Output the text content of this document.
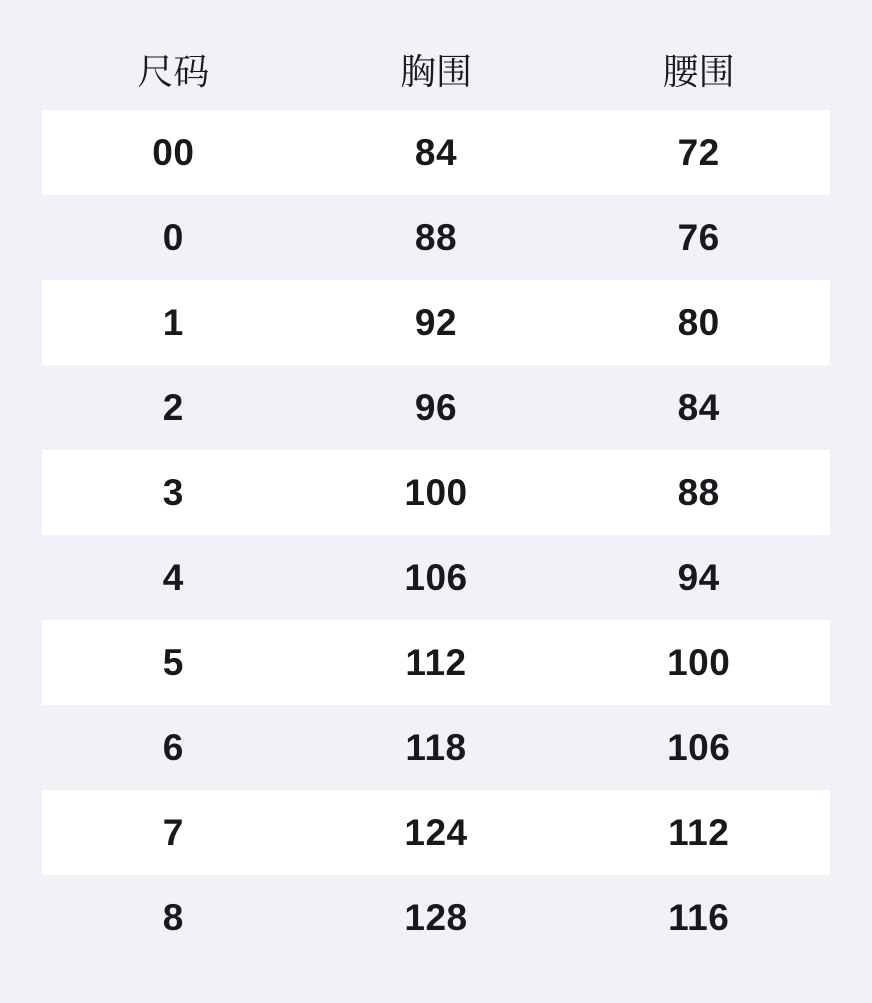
尺码	胸围	腰围
00	84	72
0	88	76
1	92	80
2	96	84
3	100	88
4	106	94
5	112	100
6	118	106
7	124	112
8	128	116
